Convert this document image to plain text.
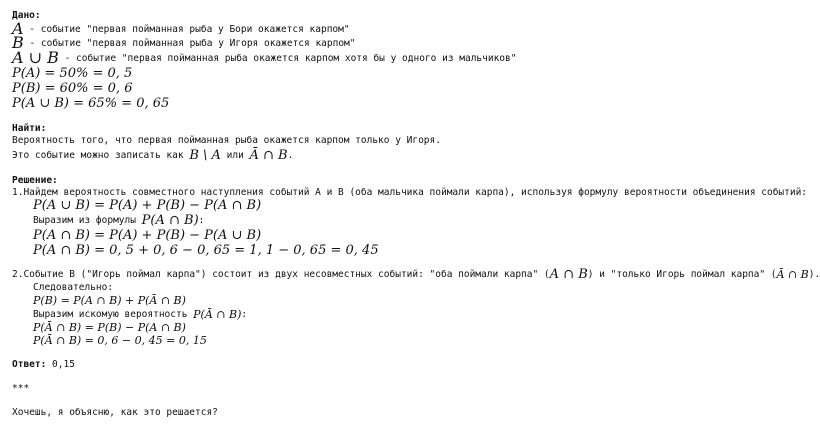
Дано:
A - событие "первая пойманная рыба у Бори окажется карпом"
B - событие "первая пойманная рыба у Игоря окажется карпом"
A ∪ B - событие "первая пойманная рыба окажется карпом хотя бы у одного из мальчиков"
P(A) = 50% = 0, 5
P(B) = 60% = 0, 6
P(A ∪ B) = 65% = 0, 65
Найти:
Вероятность того, что первая пойманная рыба окажется карпом только у Игоря.
Это событие можно записать как B \ A или Ā ∩ B .
Решение:
1. Найдем вероятность совместного наступления событий A и B (оба мальчика поймали карпа), используя формулу вероятности объединения событий:
P(A ∪ B) = P(A) + P(B) − P(A ∩ B)
Выразим из формулы P(A ∩ B) :
P(A ∩ B) = P(A) + P(B) − P(A ∪ B)
P(A ∩ B) = 0, 5 + 0, 6 − 0, 65 = 1, 1 − 0, 65 = 0, 45
2. Событие B ("Игорь поймал карпа") состоит из двух несовместных событий: "оба поймали карпа" ( A ∩ B ) и "только Игорь поймал карпа" ( Ā ∩ B ).
Следовательно:
P(B) = P(A ∩ B) + P(Ā ∩ B)
Выразим искомую вероятность P(Ā ∩ B) :
P(Ā ∩ B) = P(B) − P(A ∩ B)
P(Ā ∩ B) = 0, 6 − 0, 45 = 0, 15
Ответ: 0,15
***
Хочешь, я объясню, как это решается?
